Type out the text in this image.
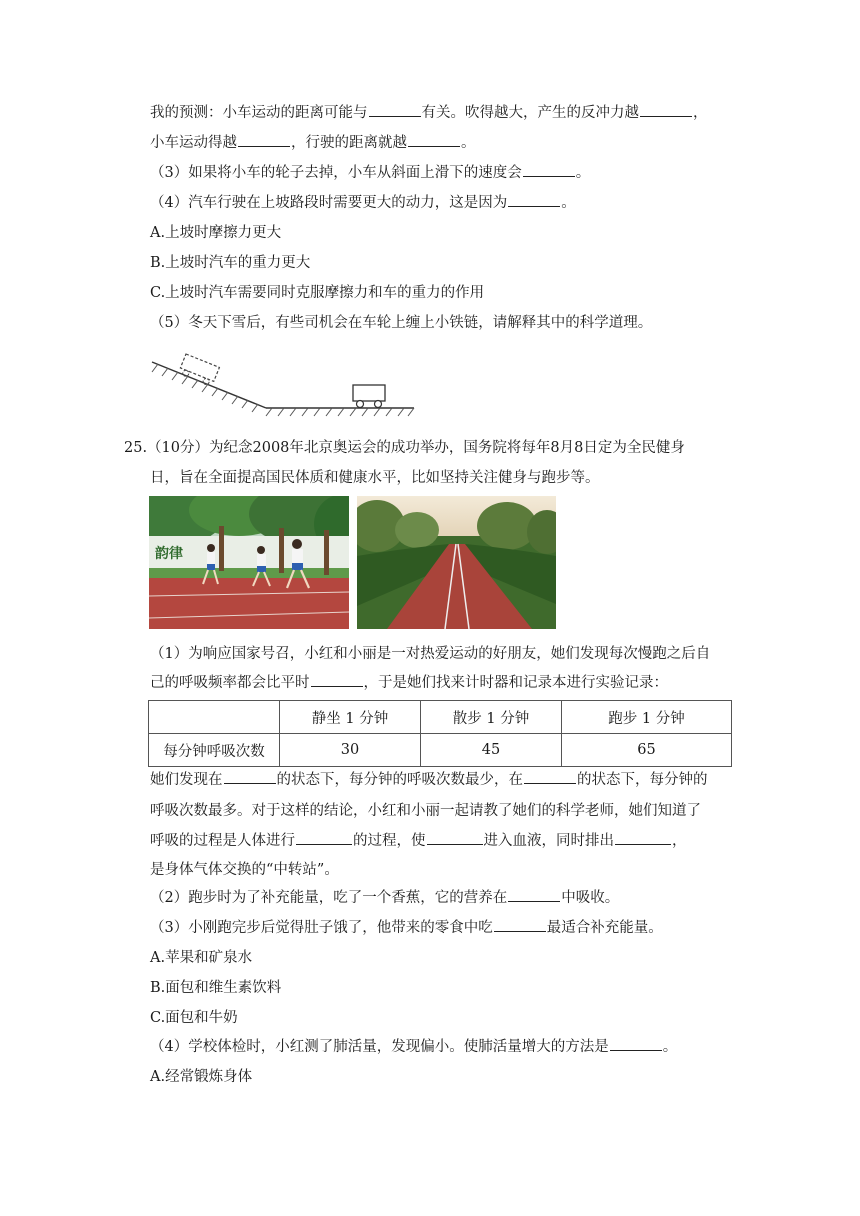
我的预测：小车运动的距离可能与	有关。吹得越大，产生的反冲力越	，
小车运动得越	，行驶的距离就越	。
（3）如果将小车的轮子去掉，小车从斜面上滑下的速度会	。
（4）汽车行驶在上坡路段时需要更大的动力，这是因为	。
A.上坡时摩擦力更大
B.上坡时汽车的重力更大
C.上坡时汽车需要同时克服摩擦力和车的重力的作用
（5）冬天下雪后，有些司机会在车轮上缠上小铁链，请解释其中的科学道理。
25.（10分）为纪念2008年北京奥运会的成功举办，国务院将每年8月8日定为全民健身
日，旨在全面提高国民体质和健康水平，比如坚持关注健身与跑步等。
韵律
（1）为响应国家号召，小红和小丽是一对热爱运动的好朋友，她们发现每次慢跑之后自
己的呼吸频率都会比平时	，于是她们找来计时器和记录本进行实验记录：
	静坐 1 分钟	散步 1 分钟	跑步 1 分钟
每分钟呼吸次数	30	45	65
她们发现在	的状态下，每分钟的呼吸次数最少，在	的状态下，每分钟的
呼吸次数最多。对于这样的结论，小红和小丽一起请教了她们的科学老师，她们知道了
呼吸的过程是人体进行	的过程，使	进入血液，同时排出	，
是身体气体交换的“中转站”。
（2）跑步时为了补充能量，吃了一个香蕉，它的营养在	中吸收。
（3）小刚跑完步后觉得肚子饿了，他带来的零食中吃	最适合补充能量。
A.苹果和矿泉水
B.面包和维生素饮料
C.面包和牛奶
（4）学校体检时，小红测了肺活量，发现偏小。使肺活量增大的方法是	。
A.经常锻炼身体
